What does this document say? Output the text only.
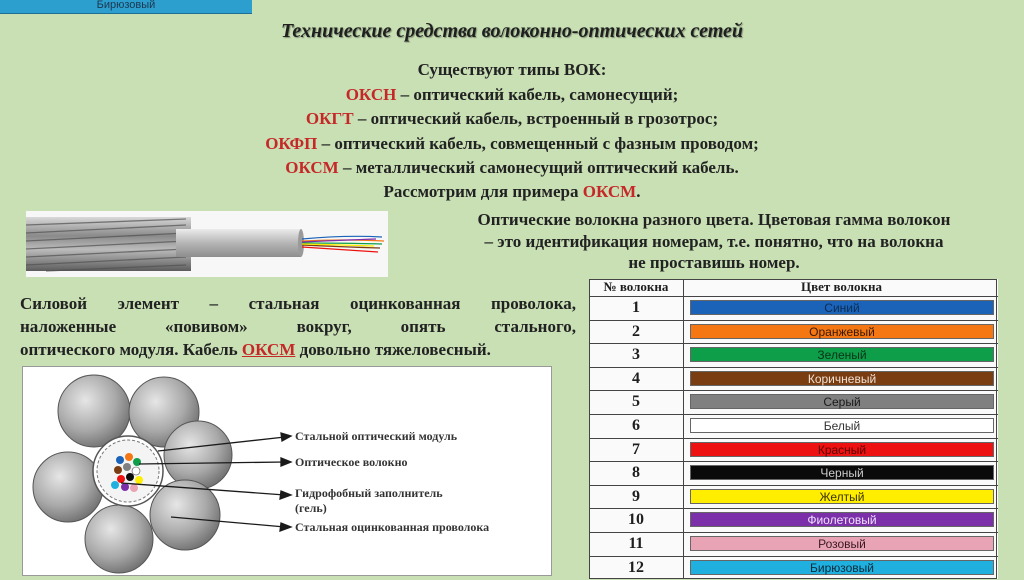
Бирюзовый
Технические средства волоконно-оптических сетей
Существуют типы ВОК:
ОКСН – оптический кабель, самонесущий;
ОКГТ – оптический кабель, встроенный в грозотрос;
ОКФП – оптический кабель, совмещенный с фазным проводом;
ОКСМ – металлический самонесущий оптический кабель.
Рассмотрим для примера ОКСМ.
Оптические волокна разного цвета. Цветовая гамма волокон
– это идентификация номерам, т.е. понятно, что на волокна
не проставишь номер.
Силовой элемент – стальная оцинкованная проволока,
наложенные «повивом» вокруг, опять стального,
оптического модуля. Кабель ОКСМ довольно тяжеловесный.
Стальной оптический модуль
Оптическое волокно
Гидрофобный заполнитель
(гель)
Стальная оцинкованная проволока
№ волокна	Цвет волокна
1	Синий
2	Оранжевый
3	Зеленый
4	Коричневый
5	Серый
6	Белый
7	Красный
8	Черный
9	Желтый
10	Фиолетовый
11	Розовый
12	Бирюзовый
